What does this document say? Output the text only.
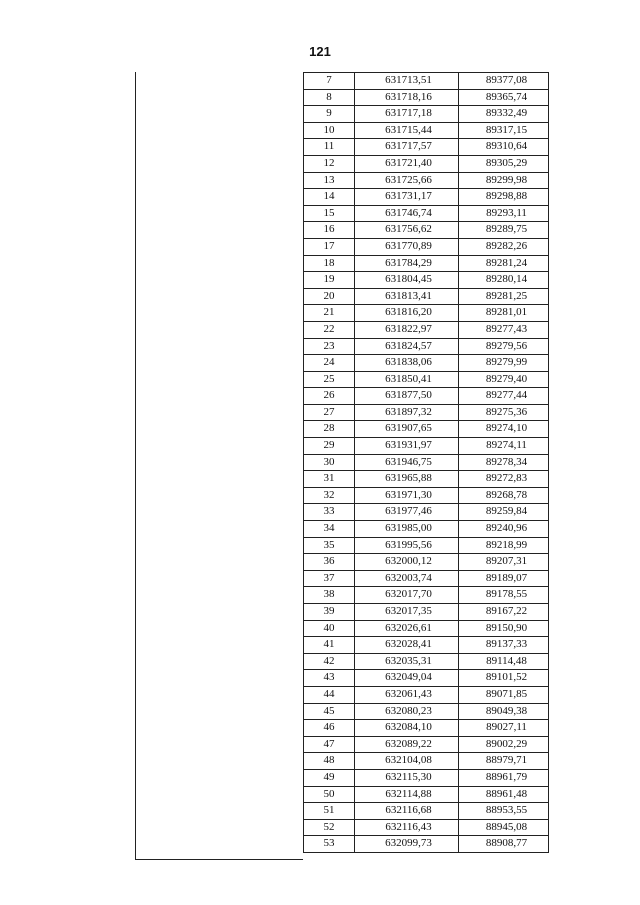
121
7	631713,51	89377,08
8	631718,16	89365,74
9	631717,18	89332,49
10	631715,44	89317,15
11	631717,57	89310,64
12	631721,40	89305,29
13	631725,66	89299,98
14	631731,17	89298,88
15	631746,74	89293,11
16	631756,62	89289,75
17	631770,89	89282,26
18	631784,29	89281,24
19	631804,45	89280,14
20	631813,41	89281,25
21	631816,20	89281,01
22	631822,97	89277,43
23	631824,57	89279,56
24	631838,06	89279,99
25	631850,41	89279,40
26	631877,50	89277,44
27	631897,32	89275,36
28	631907,65	89274,10
29	631931,97	89274,11
30	631946,75	89278,34
31	631965,88	89272,83
32	631971,30	89268,78
33	631977,46	89259,84
34	631985,00	89240,96
35	631995,56	89218,99
36	632000,12	89207,31
37	632003,74	89189,07
38	632017,70	89178,55
39	632017,35	89167,22
40	632026,61	89150,90
41	632028,41	89137,33
42	632035,31	89114,48
43	632049,04	89101,52
44	632061,43	89071,85
45	632080,23	89049,38
46	632084,10	89027,11
47	632089,22	89002,29
48	632104,08	88979,71
49	632115,30	88961,79
50	632114,88	88961,48
51	632116,68	88953,55
52	632116,43	88945,08
53	632099,73	88908,77
